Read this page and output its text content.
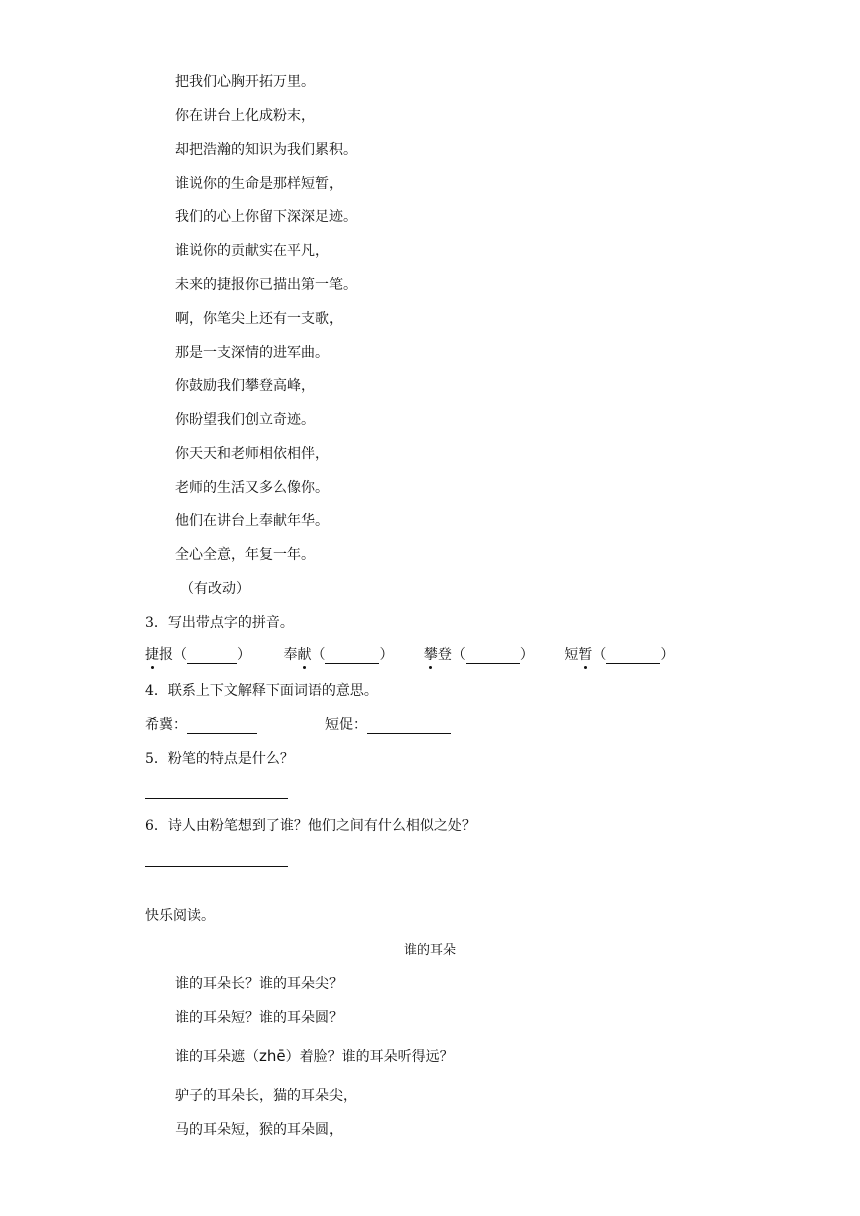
把我们心胸开拓万里。
你在讲台上化成粉末，
却把浩瀚的知识为我们累积。
谁说你的生命是那样短暂，
我们的心上你留下深深足迹。
谁说你的贡献实在平凡，
未来的捷报你已描出第一笔。
啊，你笔尖上还有一支歌，
那是一支深情的进军曲。
你鼓励我们攀登高峰，
你盼望我们创立奇迹。
你天天和老师相依相伴，
老师的生活又多么像你。
他们在讲台上奉献年华。
全心全意，年复一年。
（有改动）
3．写出带点字的拼音。
捷报（	） 奉献（	） 攀登（	） 短暂（	）
4．联系上下文解释下面词语的意思。
希冀：	短促：
5．粉笔的特点是什么？
6．诗人由粉笔想到了谁？他们之间有什么相似之处？
快乐阅读。
谁的耳朵
谁的耳朵长？谁的耳朵尖？
谁的耳朵短？谁的耳朵圆？
谁的耳朵遮（zhē）着脸？谁的耳朵听得远？
驴子的耳朵长，猫的耳朵尖，
马的耳朵短，猴的耳朵圆，
